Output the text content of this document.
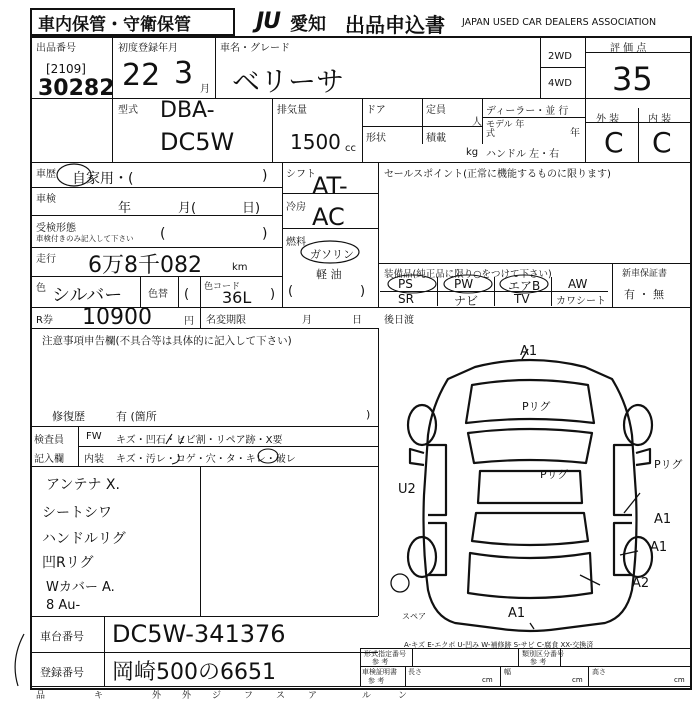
車内保管・守衛保管	JU 愛知 出品申込書 JAPAN USED CAR DEALERS ASSOCIATION
出品番号
[2109]
30282
初度登録年月
22 3 月
車名・グレード
ベリーサ
2WD
4WD
評 価 点
35
型式 DBA-
DC5W
排気量
1500 cc
ドア	定員
人
形状	積載
kg
ディーラー・並 行
モデル 年式	年
ハンドル 左・右
外 装	内 装
C C
車歴 自家用・(	)
車検
年	月(	日)
受検形態
車検付きのみ記入して下さい (	)
走行 6万8千082	km
色 シルバー	色替 (	)
色コード
36L
シフト
AT-
冷房 AC
燃料
ガソリン
軽 油
(	)
セールスポイント(正常に機能するものに限ります)
装備品(純正品に限り○をつけて下さい)	新車保証書
有 ・ 無
PS	PW	エアB AW
SR	ナビ	TV	カワシート
R券 10900	円 名変期限	月	日 後日渡
注意事項申告欄(不具合等は具体的に記入して下さい)
修復歴	有 (箇所	)
検査員
記入欄
FW キズ・凹石・ヒビ割・リペア跡・X要
内装 キズ・汚レ・コゲ・穴・タ・キレ・破レ
アンテナ X.
シートシワ
ハンドルリグ
凹Rリグ
Wカバー A.
8 Au-
A1
Pリグ
Pリグ
Pリグ
U2
A1
A1
A2
A1
スペア
A-キズ E-エクボ U-凹み W-補修跡 S-サビ C-腐食 XX-交換済
車台番号 DC5W-341376
登録番号 岡崎500の6651
形式指定番号
参 考
類別区分番号
参 考
車検証明書
参 考
長さ
cm
幅
cm
高さ
cm
品	キ	外 外 ジ	フ	ス	ア	ル	ン
